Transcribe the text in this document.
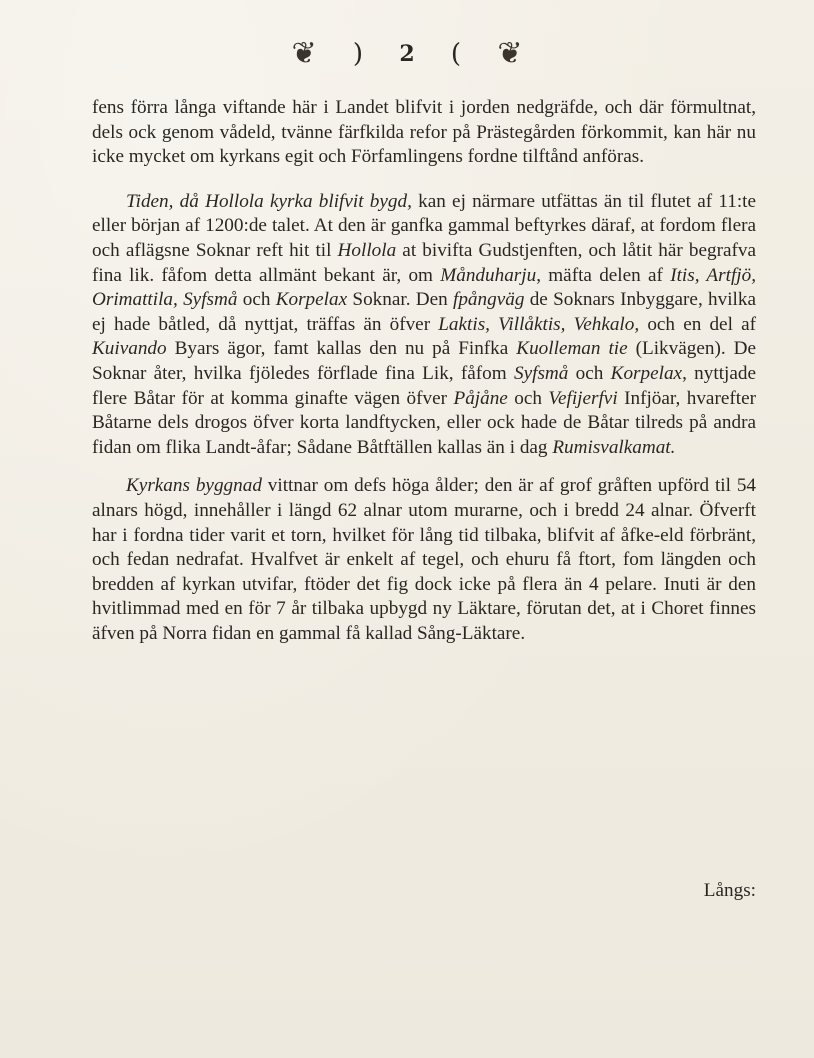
❦ ) 2 ( ❦

fens förra långa viftande här i Landet blifvit i jorden nedgräfde, och där förmultnat, dels ock genom vådeld, tvänne färfkilda refor på Prästegården förkommit, kan här nu icke mycket om kyrkans egit och Förfamlingens fordne tilftånd anföras.

Tiden, då Hollola kyrka blifvit bygd, kan ej närmare utfättas än til flutet af 11:te eller början af 1200:de talet. At den är ganfka gammal beftyrkes däraf, at fordom flera och aflägsne Soknar reft hit til Hollola at bivifta Gudstjenften, och låtit här begrafva fina lik. fåfom detta allmänt bekant är, om Månduharju, mäfta delen af Itis, Artfjö, Orimattila, Syfsmå och Korpelax Soknar. Den fpångväg de Soknars Inbyggare, hvilka ej hade båtled, då nyttjat, träffas än öfver Laktis, Villåktis, Vehkalo, och en del af Kuivando Byars ägor, famt kallas den nu på Finfka Kuolleman tie (Likvägen). De Soknar åter, hvilka fjöledes förflade fina Lik, fåfom Syfsmå och Korpelax, nyttjade flere Båtar för at komma ginafte vägen öfver Påjåne och Vefijerfvi Infjöar, hvarefter Båtarne dels drogos öfver korta landftycken, eller ock hade de Båtar tilreds på andra fidan om flika Landt-åfar; Sådane Båtftällen kallas än i dag Rumisvalkamat.

Kyrkans byggnad vittnar om defs höga ålder; den är af grof gråften upförd til 54 alnars högd, innehåller i längd 62 alnar utom murarne, och i bredd 24 alnar. Öfverft har i fordna tider varit et torn, hvilket för lång tid tilbaka, blifvit af åfke-eld förbränt, och fedan nedrafat. Hvalfvet är enkelt af tegel, och ehuru få ftort, fom längden och bredden af kyrkan utvifar, ftöder det fig dock icke på flera än 4 pelare. Inuti är den hvitlimmad med en för 7 år tilbaka upbygd ny Läktare, förutan det, at i Choret finnes äfven på Norra fidan en gammal få kallad Sång-Läktare.

Långs:
